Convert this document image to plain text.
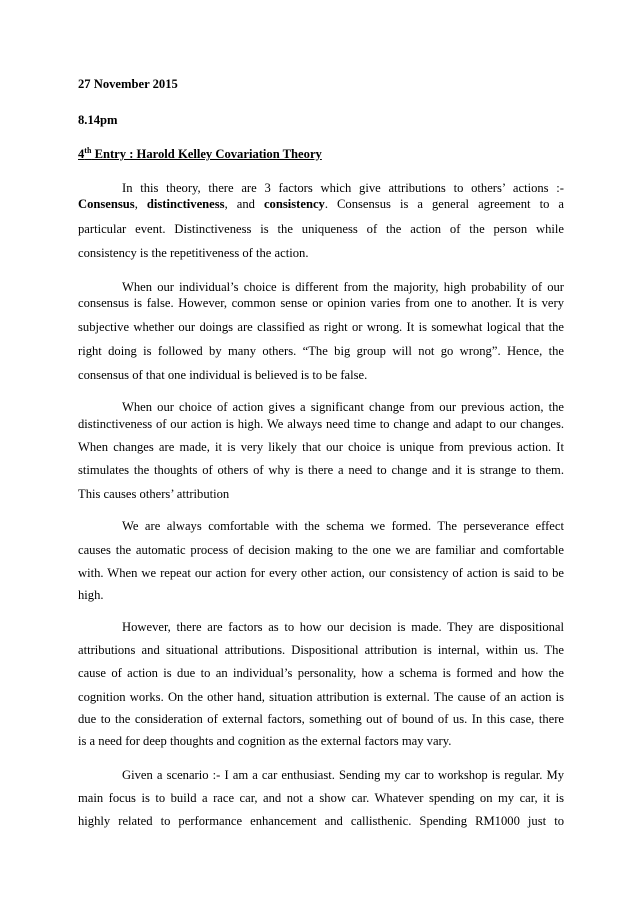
27 November 2015
8.14pm
4th Entry : Harold Kelley Covariation Theory
In this theory, there are 3 factors which give attributions to others’ actions :-
Consensus, distinctiveness, and consistency. Consensus is a general agreement to a
particular event. Distinctiveness is the uniqueness of the action of the person while
consistency is the repetitiveness of the action.
When our individual’s choice is different from the majority, high probability of our
consensus is false. However, common sense or opinion varies from one to another. It is very
subjective whether our doings are classified as right or wrong. It is somewhat logical that the
right doing is followed by many others. “The big group will not go wrong”. Hence, the
consensus of that one individual is believed is to be false.
When our choice of action gives a significant change from our previous action, the
distinctiveness of our action is high. We always need time to change and adapt to our changes.
When changes are made, it is very likely that our choice is unique from previous action. It
stimulates the thoughts of others of why is there a need to change and it is strange to them.
This causes others’ attribution
We are always comfortable with the schema we formed. The perseverance effect
causes the automatic process of decision making to the one we are familiar and comfortable
with. When we repeat our action for every other action, our consistency of action is said to be
high.
However, there are factors as to how our decision is made. They are dispositional
attributions and situational attributions. Dispositional attribution is internal, within us. The
cause of action is due to an individual’s personality, how a schema is formed and how the
cognition works. On the other hand, situation attribution is external. The cause of an action is
due to the consideration of external factors, something out of bound of us. In this case, there
is a need for deep thoughts and cognition as the external factors may vary.
Given a scenario :- I am a car enthusiast. Sending my car to workshop is regular. My
main focus is to build a race car, and not a show car. Whatever spending on my car, it is
highly related to performance enhancement and callisthenic. Spending RM1000 just to
